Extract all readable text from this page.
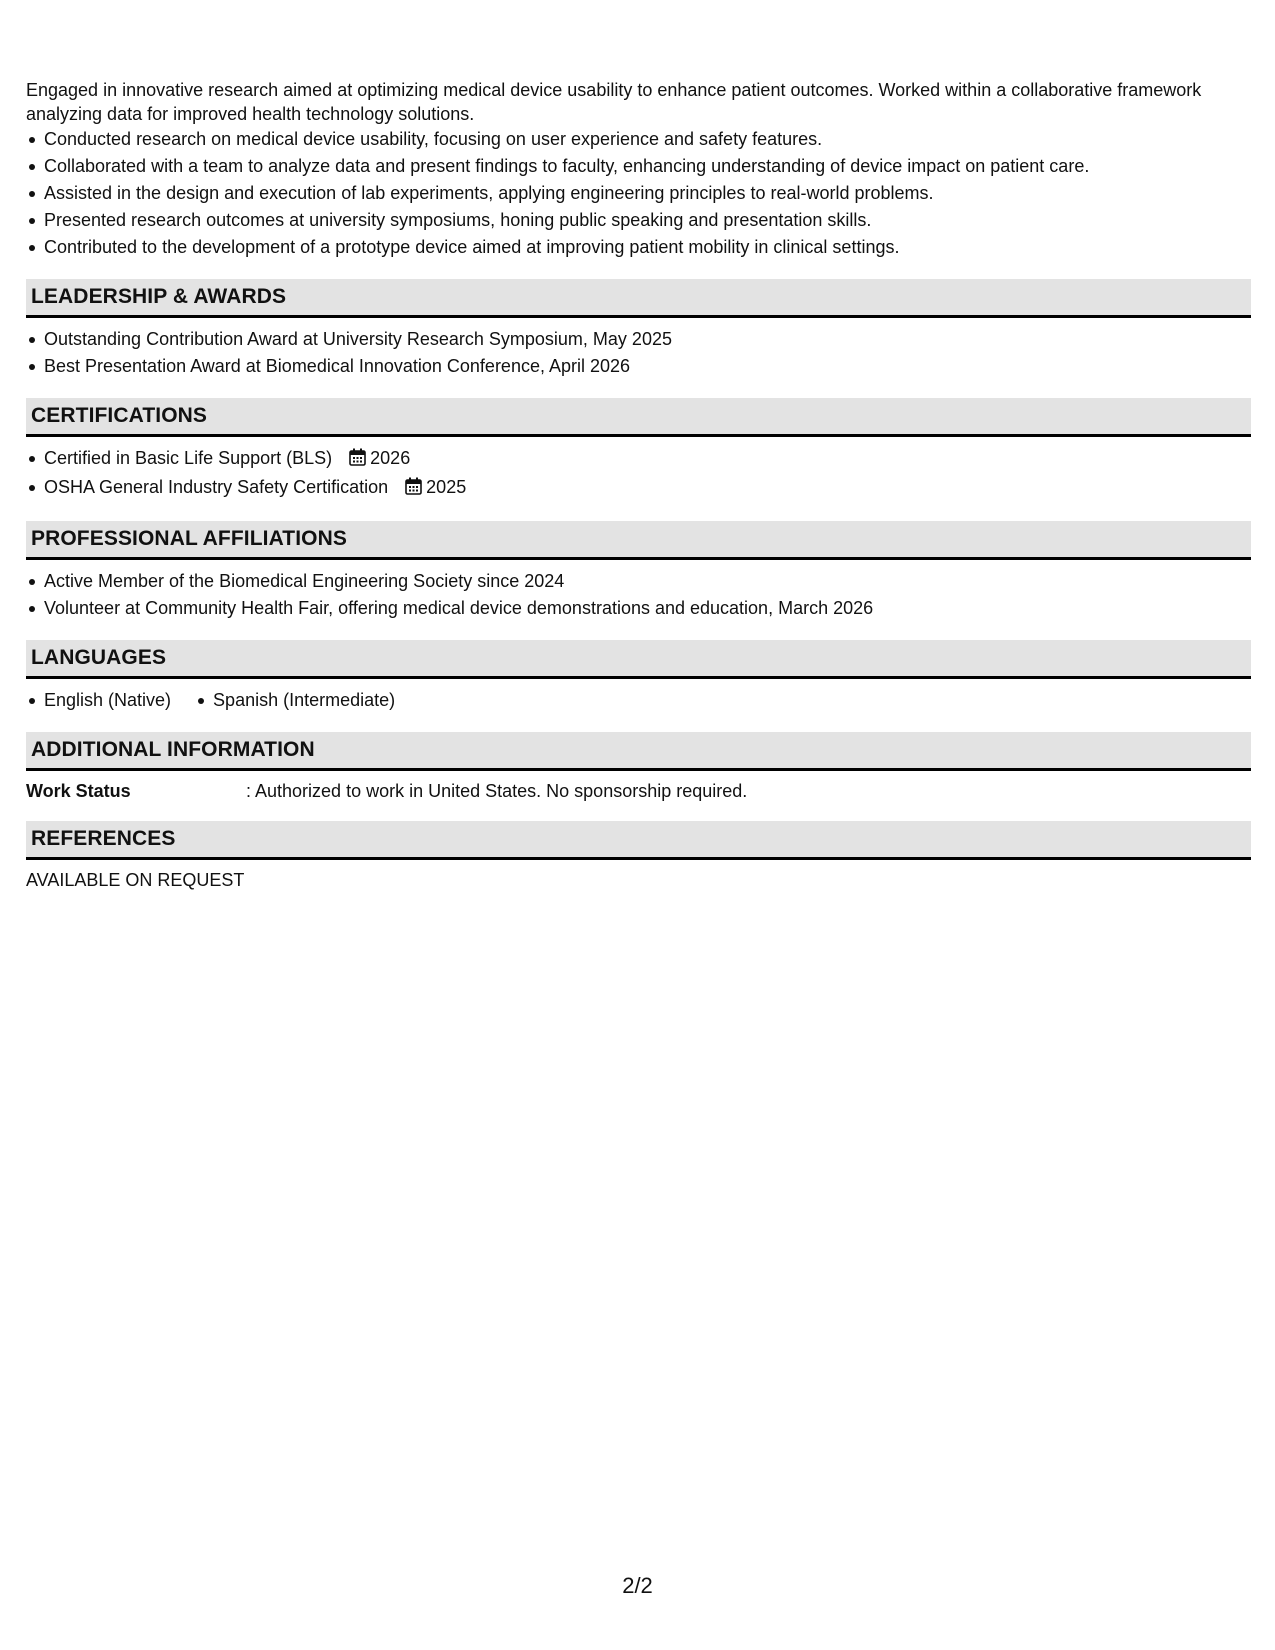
Engaged in innovative research aimed at optimizing medical device usability to enhance patient outcomes. Worked within a collaborative framework analyzing data for improved health technology solutions.

Conducted research on medical device usability, focusing on user experience and safety features.
Collaborated with a team to analyze data and present findings to faculty, enhancing understanding of device impact on patient care.
Assisted in the design and execution of lab experiments, applying engineering principles to real-world problems.
Presented research outcomes at university symposiums, honing public speaking and presentation skills.
Contributed to the development of a prototype device aimed at improving patient mobility in clinical settings.
LEADERSHIP & AWARDS
Outstanding Contribution Award at University Research Symposium, May 2025
Best Presentation Award at Biomedical Innovation Conference, April 2026
CERTIFICATIONS
Certified in Basic Life Support (BLS) 2026
OSHA General Industry Safety Certification 2025
PROFESSIONAL AFFILIATIONS
Active Member of the Biomedical Engineering Society since 2024
Volunteer at Community Health Fair, offering medical device demonstrations and education, March 2026
LANGUAGES
English (Native) Spanish (Intermediate)
ADDITIONAL INFORMATION
Work Status	: Authorized to work in United States. No sponsorship required.
REFERENCES
AVAILABLE ON REQUEST
2/2
